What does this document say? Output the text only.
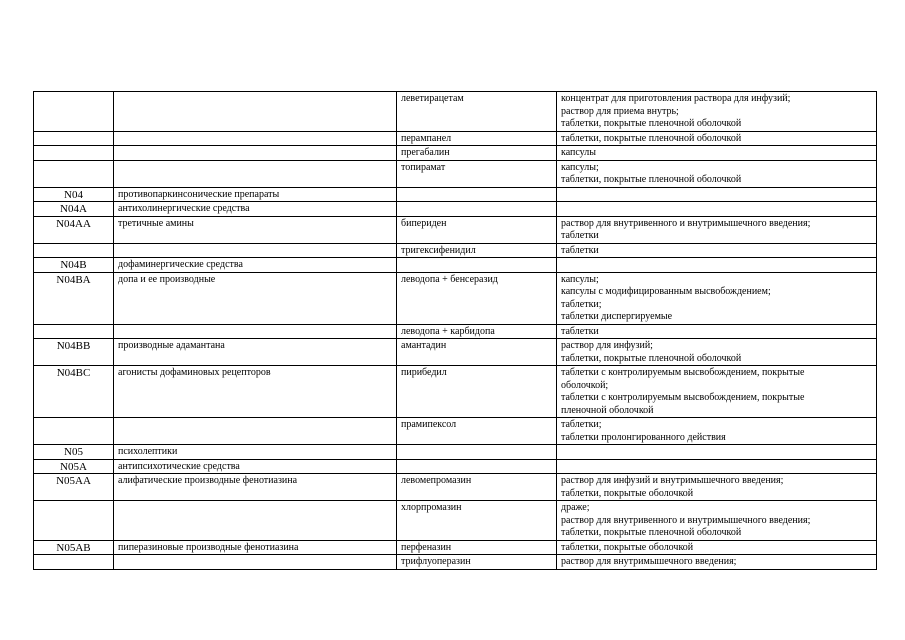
		леветирацетам	концентрат для приготовления раствора для инфузий;
раствор для приема внутрь;
таблетки, покрытые пленочной оболочкой
		перампанел	таблетки, покрытые пленочной оболочкой
		прегабалин	капсулы
		топирамат	капсулы;
таблетки, покрытые пленочной оболочкой
N04	противопаркинсонические препараты		
N04A	антихолинергические средства		
N04AA	третичные амины	бипериден	раствор для внутривенного и внутримышечного введения;
таблетки
		тригексифенидил	таблетки
N04B	дофаминергические средства		
N04BA	допа и ее производные	леводопа + бенсеразид	капсулы;
капсулы с модифицированным высвобождением;
таблетки;
таблетки диспергируемые
		леводопа + карбидопа	таблетки
N04BB	производные адамантана	амантадин	раствор для инфузий;
таблетки, покрытые пленочной оболочкой
N04BC	агонисты дофаминовых рецепторов	пирибедил	таблетки с контролируемым высвобождением, покрытые
оболочкой;
таблетки с контролируемым высвобождением, покрытые
пленочной оболочкой
		прамипексол	таблетки;
таблетки пролонгированного действия
N05	психолептики		
N05A	антипсихотические средства		
N05AA	алифатические производные фенотиазина	левомепромазин	раствор для инфузий и внутримышечного введения;
таблетки, покрытые оболочкой
		хлорпромазин	драже;
раствор для внутривенного и внутримышечного введения;
таблетки, покрытые пленочной оболочкой
N05AB	пиперазиновые производные фенотиазина	перфеназин	таблетки, покрытые оболочкой
		трифлуоперазин	раствор для внутримышечного введения;
